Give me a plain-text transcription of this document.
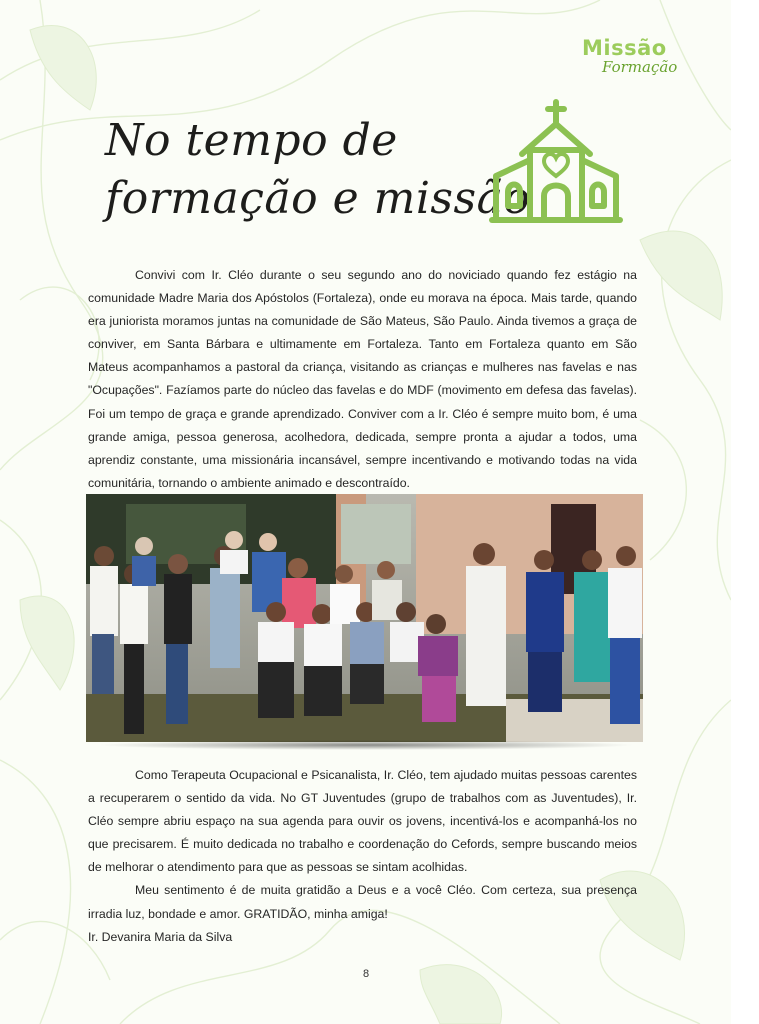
Missão
Formação
No tempo de
formação e missão

Convivi com Ir. Cléo durante o seu segundo ano do noviciado quando fez estágio na comunidade Madre Maria dos Apóstolos (Fortaleza), onde eu morava na época. Mais tarde, quando era juniorista moramos juntas na comunidade de São Mateus, São Paulo. Ainda tivemos a graça de conviver, em Santa Bárbara e ultimamente em Fortaleza. Tanto em Fortaleza quanto em São Mateus acompanhamos a pastoral da criança, visitando as crianças e mulheres nas favelas e nas "Ocupações". Fazíamos parte do núcleo das favelas e do MDF (movimento em defesa das favelas). Foi um tempo de graça e grande aprendizado. Conviver com a Ir. Cléo é sempre muito bom, é uma grande amiga, pessoa generosa, acolhedora, dedicada, sempre pronta a ajudar a todos, uma aprendiz constante, uma missionária incansável, sempre incentivando e motivando todas na vida comunitária, tornando o ambiente animado e descontraído.

Como Terapeuta Ocupacional e Psicanalista, Ir. Cléo, tem ajudado muitas pessoas carentes a recuperarem o sentido da vida. No GT Juventudes (grupo de trabalhos com as Juventudes), Ir. Cléo sempre abriu espaço na sua agenda para ouvir os jovens, incentivá-los e acompanhá-los no que precisarem. É muito dedicada no trabalho e coordenação do Cefords, sempre buscando meios de melhorar o atendimento para que as pessoas se sintam acolhidas.

Meu sentimento é de muita gratidão a Deus e a você Cléo. Com certeza, sua presença irradia luz, bondade e amor. GRATIDÃO, minha amiga!

Ir. Devanira Maria da Silva

8
